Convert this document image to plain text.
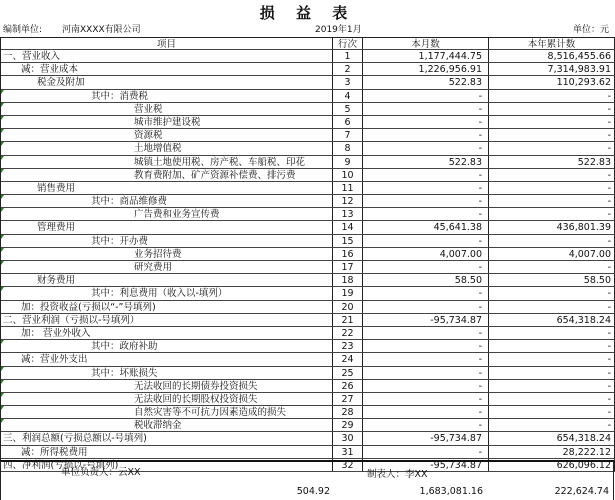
损 益 表
编制单位: 河南XXXX有限公司	2019年1月	单位：元
项目	行次	本月数	本年累计数
一、营业收入	1	1,177,444.75	8,516,455.66
减：营业成本	2	1,226,956.91	7,314,983.91
税金及附加	3	522.83	110,293.62
其中：消费税	4	-	-
营业税	5	-	-
城市维护建设税	6	-	-
资源税	7	-	-
土地增值税	8	-	-
城镇土地使用税、房产税、车船税、印花	9	522.83	522.83
教育费附加、矿产资源补偿费、排污费	10	-	-
销售费用	11	-	-
其中：商品维修费	12	-	-
广告费和业务宣传费	13	-	-
管理费用	14	45,641.38	436,801.39
其中：开办费	15	-	-
业务招待费	16	4,007.00	4,007.00
研究费用	17	-	-
财务费用	18	58.50	58.50
其中：利息费用（收入以-填列）	19	-	-
加：投资收益(亏损以“-”号填列)	20	-	-
二、营业利润（亏损以-号填列）	21	-95,734.87	654,318.24
加： 营业外收入	22	-	-
其中：政府补助	23	-	-
减：营业外支出	24	-	-
其中：坏账损失	25	-	-
无法收回的长期债券投资损失	26	-	-
无法收回的长期股权投资损失	27	-	-
自然灾害等不可抗力因素造成的损失	28	-	-
税收滞纳金	29	-	-
三、利润总额(亏损总额以-号填列)	30	-95,734.87	654,318.24
减：所得税费用	31	-	28,222.12
四、净利润(亏损以-号填列)	32	-95,734.87	626,096.12
单位负责人：云XX	制表人：李XX
504.92	1,683,081.16	222,624.74
